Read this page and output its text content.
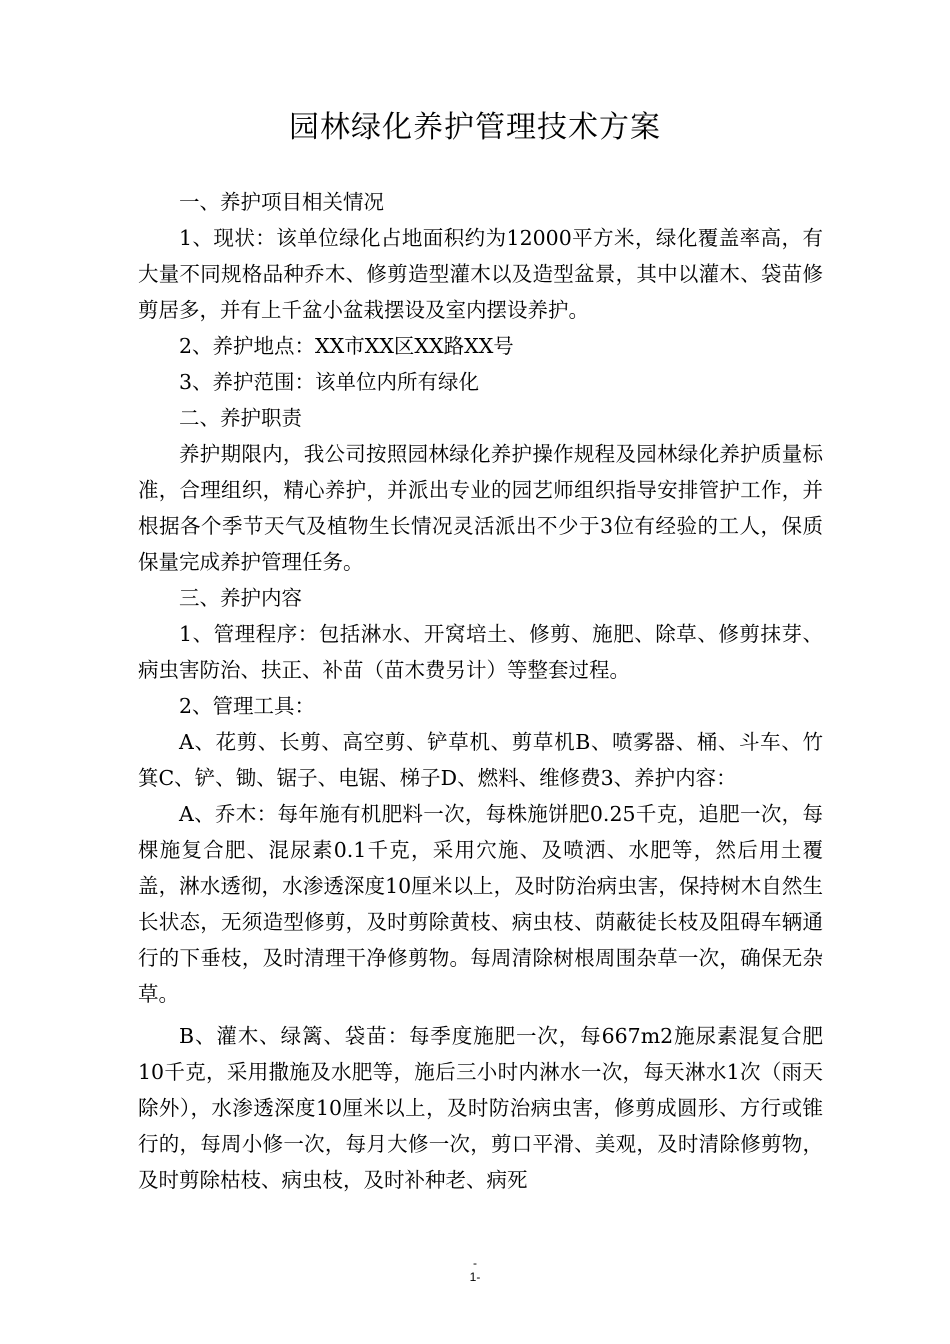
园林绿化养护管理技术方案

一、养护项目相关情况

1、现状：该单位绿化占地面积约为12000平方米，绿化覆盖率高，有大量不同规格品种乔木、修剪造型灌木以及造型盆景，其中以灌木、袋苗修剪居多，并有上千盆小盆栽摆设及室内摆设养护。

2、养护地点：XX市XX区XX路XX号

3、养护范围：该单位内所有绿化

二、养护职责

养护期限内，我公司按照园林绿化养护操作规程及园林绿化养护质量标准，合理组织，精心养护，并派出专业的园艺师组织指导安排管护工作，并根据各个季节天气及植物生长情况灵活派出不少于3位有经验的工人，保质保量完成养护管理任务。

三、养护内容

1、管理程序：包括淋水、开窝培土、修剪、施肥、除草、修剪抹芽、病虫害防治、扶正、补苗（苗木费另计）等整套过程。

2、管理工具：

A、花剪、长剪、高空剪、铲草机、剪草机B、喷雾器、桶、斗车、竹箕C、铲、锄、锯子、电锯、梯子D、燃料、维修费3、养护内容：

A、乔木：每年施有机肥料一次，每株施饼肥0.25千克，追肥一次，每棵施复合肥、混尿素0.1千克，采用穴施、及喷洒、水肥等，然后用土覆盖，淋水透彻，水渗透深度10厘米以上，及时防治病虫害，保持树木自然生长状态，无须造型修剪，及时剪除黄枝、病虫枝、荫蔽徒长枝及阻碍车辆通行的下垂枝，及时清理干净修剪物。每周清除树根周围杂草一次，确保无杂草。

B、灌木、绿篱、袋苗：每季度施肥一次，每667m2施尿素混复合肥10千克，采用撒施及水肥等，施后三小时内淋水一次，每天淋水1次（雨天除外），水渗透深度10厘米以上，及时防治病虫害，修剪成圆形、方行或锥行的，每周小修一次，每月大修一次，剪口平滑、美观，及时清除修剪物，及时剪除枯枝、病虫枝，及时补种老、病死

-
1-
